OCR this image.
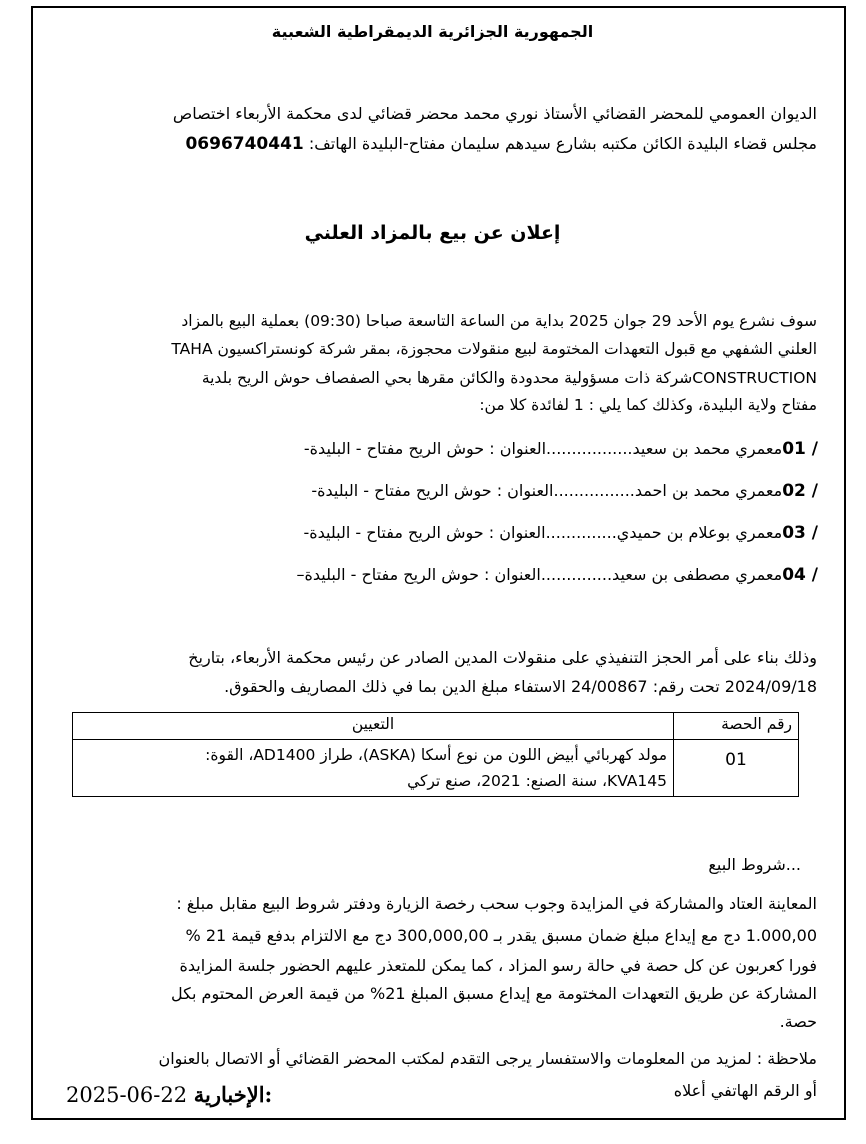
الجمهورية الجزائرية الديمقراطية الشعبية
الديوان العمومي للمحضر القضائي الأستاذ نوري محمد محضر قضائي لدى محكمة الأربعاء اختصاص
مجلس قضاء البليدة الكائن مكتبه بشارع سيدهم سليمان مفتاح-البليدة الهاتف: 0696740441
إعلان عن بيع بالمزاد العلني
سوف نشرع يوم الأحد 29 جوان 2025 بداية من الساعة التاسعة صباحا (09:30) بعملية البيع بالمزاد
العلني الشفهي مع قبول التعهدات المختومة لبيع منقولات محجوزة، بمقر شركة كونستراكسيون TAHA
CONSTRUCTIONشركة ذات مسؤولية محدودة والكائن مقرها بحي الصفصاف حوش الريح بلدية
مفتاح ولاية البليدة، وكذلك كما يلي : 1 لفائدة كلا من:
/ 01معمري محمد بن سعيد.................العنوان : حوش الريح مفتاح - البليدة-
/ 02معمري محمد بن احمد................العنوان : حوش الريح مفتاح - البليدة-
/ 03معمري بوعلام بن حميدي..............العنوان : حوش الريح مفتاح - البليدة-
/ 04معمري مصطفى بن سعيد..............العنوان : حوش الريح مفتاح - البليدة–
وذلك بناء على أمر الحجز التنفيذي على منقولات المدين الصادر عن رئيس محكمة الأربعاء، بتاريخ
2024/09/18 تحت رقم: 24/00867 الاستفاء مبلغ الدين بما في ذلك المصاريف والحقوق.
رقم الحصة	التعيين
01	مولد كهربائي أبيض اللون من نوع أسكا (ASKA)، طراز AD1400، القوة:
KVA145، سنة الصنع: 2021، صنع تركي
...شروط البيع
المعاينة العتاد والمشاركة في المزايدة وجوب سحب رخصة الزيارة ودفتر شروط البيع مقابل مبلغ :
1.000,00 دج مع إيداع مبلغ ضمان مسبق يقدر بـ 300,000,00 دج مع الالتزام بدفع قيمة 21 %
فورا كعربون عن كل حصة في حالة رسو المزاد ، كما يمكن للمتعذر عليهم الحضور جلسة المزايدة
المشاركة عن طريق التعهدات المختومة مع إيداع مسبق المبلغ 21% من قيمة العرض المحتوم بكل
حصة.
ملاحظة : لمزيد من المعلومات والاستفسار يرجى التقدم لمكتب المحضر القضائي أو الاتصال بالعنوان
أو الرقم الهاتفي أعلاه
2025-06-22 الإخبارية:
